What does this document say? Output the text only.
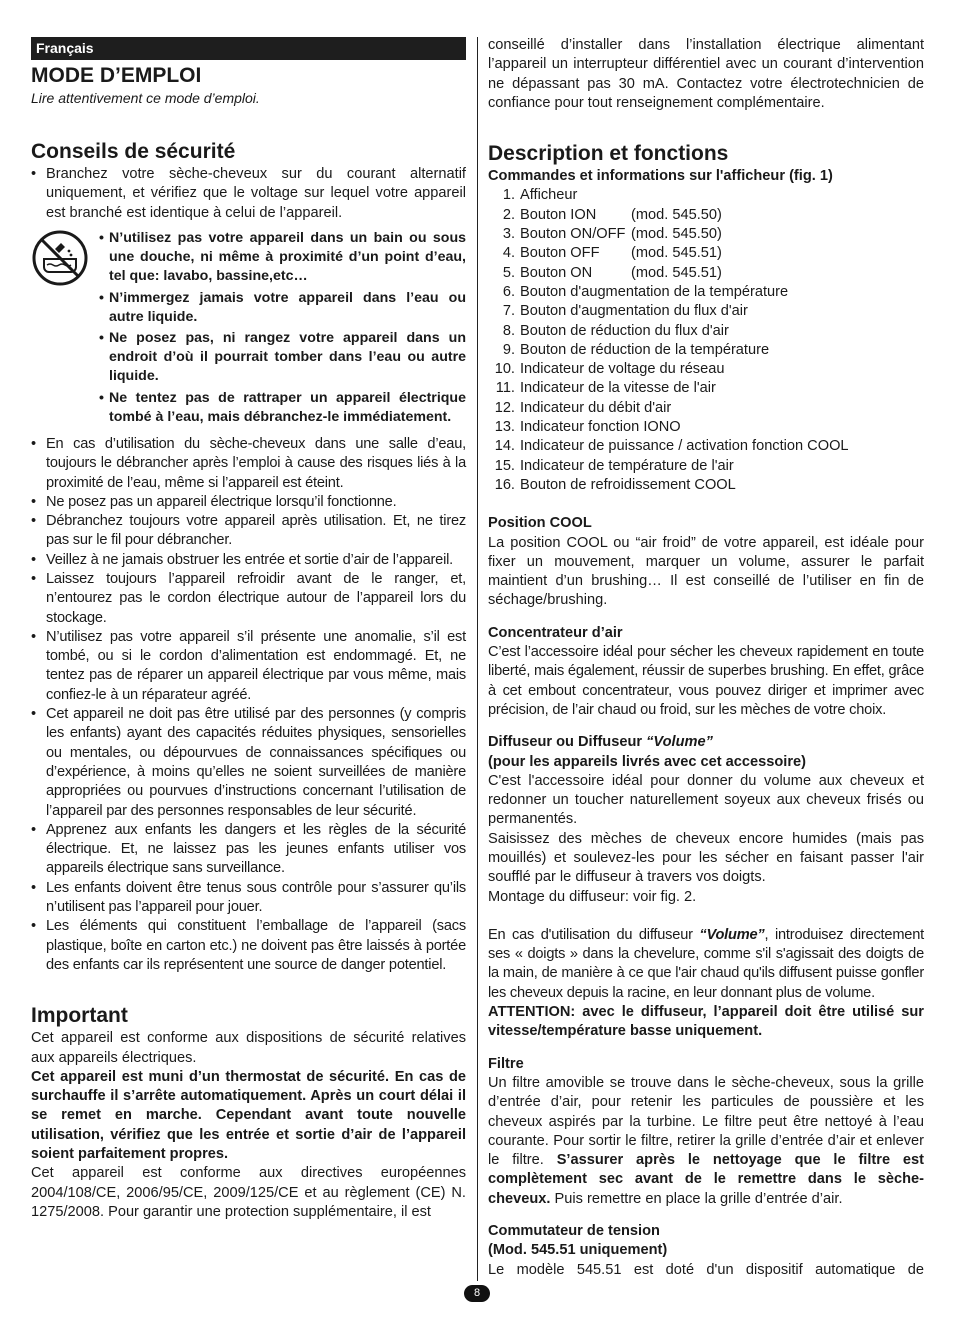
Français
MODE D’EMPLOI

Lire attentivement ce mode d’emploi.

Conseils de sécurité
• Branchez votre sèche-cheveux sur du courant alternatif uniquement, et vérifiez que le voltage sur lequel votre appareil est branché est identique à celui de l’appareil.
• N’utilisez pas votre appareil dans un bain ou sous une douche, ni même à proximité d’un point d’eau, tel que: lavabo, bassine,etc…
• N’immergez jamais votre appareil dans l’eau ou autre liquide.
• Ne posez pas, ni rangez votre appareil dans un endroit d’où il pourrait tomber dans l’eau ou autre liquide.
• Ne tentez pas de rattraper un appareil électrique tombé à l’eau, mais débranchez-le immédiatement.
• En cas d’utilisation du sèche-cheveux dans une salle d’eau, toujours le débrancher après l’emploi à cause des risques liés à la proximité de l’eau, même si l’appareil est éteint.
• Ne posez pas un appareil électrique lorsqu’il fonctionne.
• Débranchez toujours votre appareil après utilisation. Et, ne tirez pas sur le fil pour débrancher.
• Veillez à ne jamais obstruer les entrée et sortie d’air de l’appareil.
• Laissez toujours l’appareil refroidir avant de le ranger, et, n’entourez pas le cordon électrique autour de l’appareil lors du stockage.
• N’utilisez pas votre appareil s’il présente une anomalie, s’il est tombé, ou si le cordon d’alimentation est endommagé. Et, ne tentez pas de réparer un appareil électrique par vous même, mais confiez-le à un réparateur agréé.
• Cet appareil ne doit pas être utilisé par des personnes (y compris les enfants) ayant des capacités réduites physiques, sensorielles ou mentales, ou dépourvues de connaissances spécifiques ou d’expérience, à moins qu’elles ne soient surveillées de manière appropriées ou pourvues d’instructions concernant l’utilisation de l’appareil par des personnes responsables de leur sécurité.
• Apprenez aux enfants les dangers et les règles de la sécurité électrique. Et, ne laissez pas les jeunes enfants utiliser vos appareils électrique sans surveillance.
• Les enfants doivent être tenus sous contrôle pour s’assurer qu’ils n’utilisent pas l’appareil pour jouer.
• Les éléments qui constituent l’emballage de l’appareil (sacs plastique, boîte en carton etc.) ne doivent pas être laissés à portée des enfants car ils représentent une source de danger potentiel.
Important

Cet appareil est conforme aux dispositions de sécurité relatives aux appareils électriques.

Cet appareil est muni d’un thermostat de sécurité. En cas de surchauffe il s’arrête automatiquement. Après un court délai il se remet en marche. Cependant avant toute nouvelle utilisation, vérifiez que les entrée et sortie d’air de l’appareil soient parfaitement propres.

Cet appareil est conforme aux directives européennes 2004/108/CE, 2006/95/CE, 2009/125/CE et au règlement (CE) N. 1275/2008. Pour garantir une protection supplémentaire, il est

conseillé d’installer dans l’installation électrique alimentant l’appareil un interrupteur différentiel avec un courant d’intervention ne dépassant pas 30 mA. Contactez votre électrotechnicien de confiance pour tout renseignement complémentaire.

Description et fonctions

Commandes et informations sur l'afficheur (fig. 1)

1. Afficheur
2. Bouton ION (mod. 545.50)
3. Bouton ON/OFF (mod. 545.50)
4. Bouton OFF (mod. 545.51)
5. Bouton ON	(mod. 545.51)
6. Bouton d'augmentation de la température
7. Bouton d'augmentation du flux d'air
8. Bouton de réduction du flux d'air
9. Bouton de réduction de la température
10. Indicateur de voltage du réseau
11. Indicateur de la vitesse de l'air
12. Indicateur du débit d'air
13. Indicateur fonction IONO
14. Indicateur de puissance / activation fonction COOL
15. Indicateur de température de l'air
16. Bouton de refroidissement COOL

Position COOL

La position COOL ou “air froid” de votre appareil, est idéale pour fixer un mouvement, marquer un volume, assurer le parfait maintient d’un brushing… Il est conseillé de l’utiliser en fin de séchage/brushing.

Concentrateur d’air

C’est l’accessoire idéal pour sécher les cheveux rapidement en toute liberté, mais également, réussir de superbes brushing. En effet, grâce à cet embout concentrateur, vous pouvez diriger et imprimer avec précision, de l’air chaud ou froid, sur les mèches de votre choix.

Diffuseur ou Diffuseur “Volume”

(pour les appareils livrés avec cet accessoire)

C'est l'accessoire idéal pour donner du volume aux cheveux et redonner un toucher naturellement soyeux aux cheveux frisés ou permanentés.

Saisissez des mèches de cheveux encore humides (mais pas mouillés) et soulevez-les pour les sécher en faisant passer l'air soufflé par le diffuseur à travers vos doigts.

Montage du diffuseur: voir fig. 2.

En cas d'utilisation du diffuseur “Volume”, introduisez directement ses « doigts » dans la chevelure, comme s'il s'agissait des doigts de la main, de manière à ce que l'air chaud qu'ils diffusent puisse gonfler les cheveux depuis la racine, en leur donnant plus de volume.

ATTENTION: avec le diffuseur, l’appareil doit être utilisé sur vitesse/température basse uniquement.

Filtre

Un filtre amovible se trouve dans le sèche-cheveux, sous la grille d’entrée d’air, pour retenir les particules de poussière et les cheveux aspirés par la turbine. Le filtre peut être nettoyé à l’eau courante. Pour sortir le filtre, retirer la grille d’entrée d’air et enlever le filtre. S’assurer après le nettoyage que le filtre est complètement sec avant de le remettre dans le sèche-cheveux. Puis remettre en place la grille d’entrée d’air.

Commutateur de tension

(Mod. 545.51 uniquement)

Le modèle 545.51 est doté d'un dispositif automatique de

8
